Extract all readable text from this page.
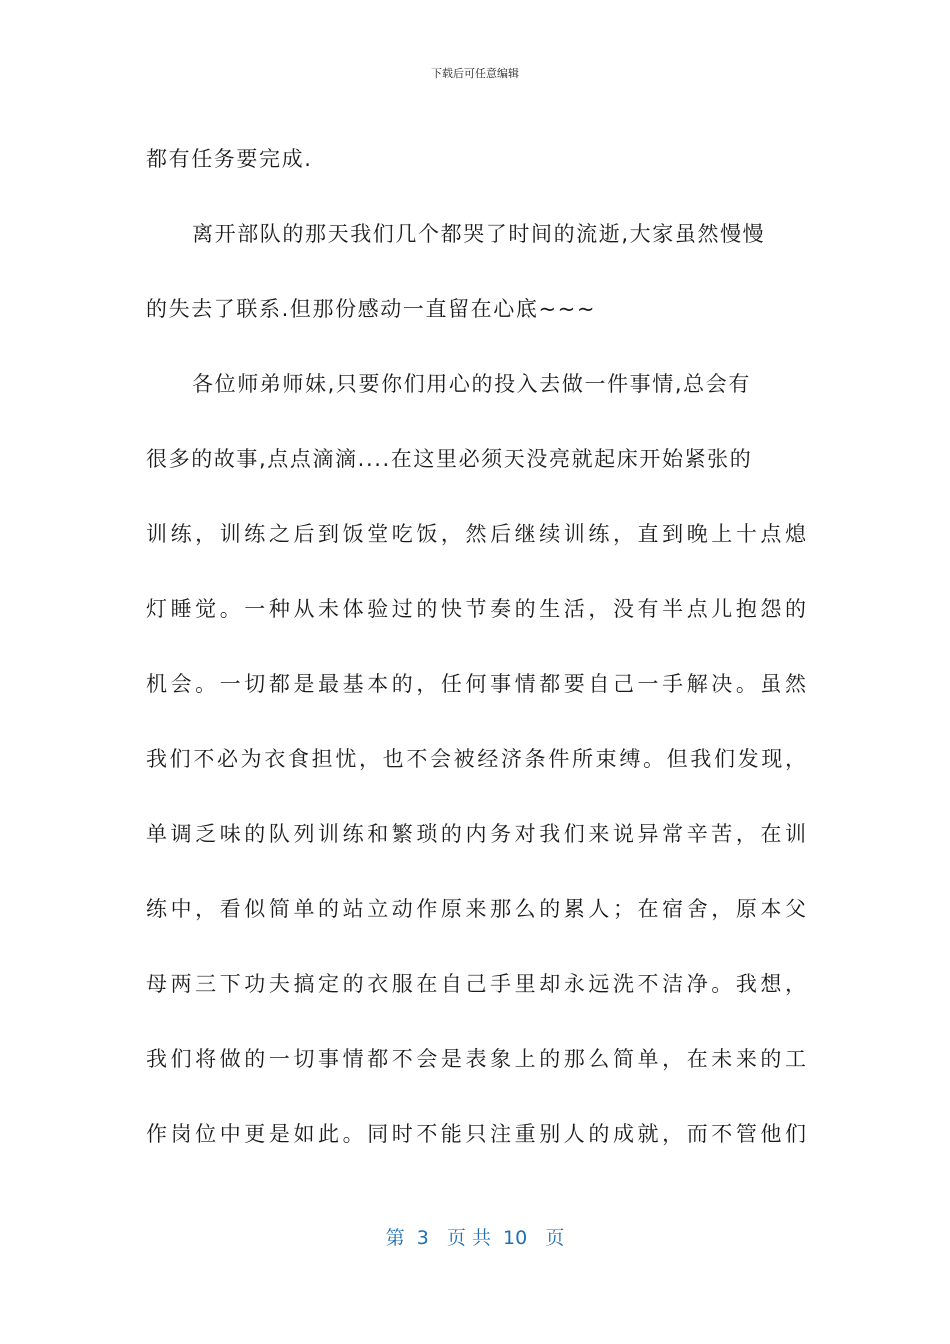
下载后可任意编辑
都有任务要完成.
离开部队的那天我们几个都哭了时间的流逝,大家虽然慢慢
的失去了联系.但那份感动一直留在心底~~~
各位师弟师妹,只要你们用心的投入去做一件事情,总会有
很多的故事,点点滴滴....在这里必须天没亮就起床开始紧张的
训练，训练之后到饭堂吃饭，然后继续训练，直到晚上十点熄
灯睡觉。一种从未体验过的快节奏的生活，没有半点儿抱怨的
机会。一切都是最基本的，任何事情都要自己一手解决。虽然
我们不必为衣食担忧，也不会被经济条件所束缚。但我们发现，
单调乏味的队列训练和繁琐的内务对我们来说异常辛苦，在训
练中，看似简单的站立动作原来那么的累人；在宿舍，原本父
母两三下功夫搞定的衣服在自己手里却永远洗不洁净。我想，
我们将做的一切事情都不会是表象上的那么简单，在未来的工
作岗位中更是如此。同时不能只注重别人的成就，而不管他们
第  3   页 共  10   页
